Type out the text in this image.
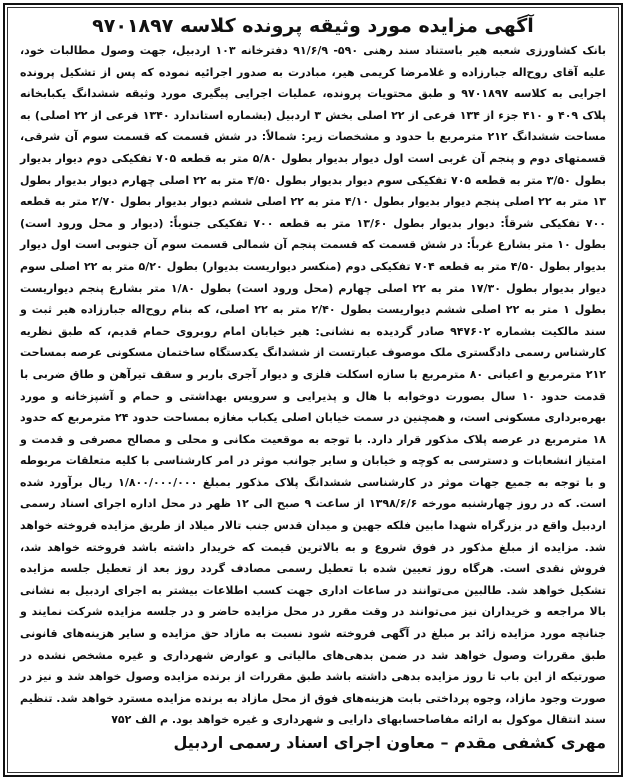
آگهی مزایده مورد وثیقه پرونده کلاسه ۹۷۰۱۸۹۷

بانک کشاورزی شعبه هیر باستناد سند رهنی ۵۹۰- ۹۱/۶/۹ دفترخانه ۱۰۳ اردبیل، جهت وصول مطالبات خود، علیه آقای روح‌اله جبارزاده و غلامرضا کریمی هیر، مبادرت به صدور اجرائیه نموده که پس از تشکیل پرونده اجرایی به کلاسه ۹۷۰۱۸۹۷ و طبق محتویات پرونده، عملیات اجرایی پیگیری مورد وثیقه ششدانگ یکبابخانه پلاک ۴۰۹ و ۴۱۰ جزء از ۱۳۴ فرعی از ۲۲ اصلی بخش ۳ اردبیل (بشماره استاندارد ۱۳۴۰ فرعی از ۲۲ اصلی) به مساحت ششدانگ ۲۱۲ مترمربع با حدود و مشخصات زیر: شمالاً: در شش قسمت که قسمت سوم آن شرقی، قسمتهای دوم و پنجم آن غربی است اول دیوار بدیوار بطول ۵/۸۰ متر به قطعه ۷۰۵ تفکیکی دوم دیوار بدیوار بطول ۳/۵۰ متر به قطعه ۷۰۵ تفکیکی سوم دیوار بدیوار بطول ۴/۵۰ متر به ۲۲ اصلی چهارم دیوار بدیوار بطول ۱۳ متر به ۲۲ اصلی پنجم دیوار بدیوار بطول ۴/۱۰ متر به ۲۲ اصلی ششم دیوار بدیوار بطول ۲/۷۰ متر به قطعه ۷۰۰ تفکیکی شرقاً: دیوار بدیوار بطول ۱۳/۶۰ متر به قطعه ۷۰۰ تفکیکی جنوباً: (دیوار و محل ورود است) بطول ۱۰ متر بشارع غرباً: در شش قسمت که قسمت پنجم آن شمالی قسمت سوم آن جنوبی است اول دیوار بدیوار بطول ۴/۵۰ متر به قطعه ۷۰۴ تفکیکی دوم (منکسر دیواریست بدیوار) بطول ۵/۲۰ متر به ۲۲ اصلی سوم دیوار بدیوار بطول ۱۷/۳۰ متر به ۲۲ اصلی چهارم (محل ورود است) بطول ۱/۸۰ متر بشارع پنجم دیواریست بطول ۱ متر به ۲۲ اصلی ششم دیواریست بطول ۲/۴۰ متر به ۲۲ اصلی، که بنام روح‌اله جبارزاده هیر ثبت و سند مالکیت بشماره ۹۴۷۶۰۲ صادر گردیده به نشانی: هیر خیابان امام روبروی حمام قدیم، که طبق نظریه کارشناس رسمی دادگستری ملک موصوف عبارتست از ششدانگ یکدستگاه ساختمان مسکونی عرصه بمساحت ۲۱۲ مترمربع و اعیانی ۸۰ مترمربع با سازه اسکلت فلزی و دیوار آجری باربر و سقف تیرآهن و طاق ضربی با قدمت حدود ۱۰ سال بصورت دوخوابه با هال و پذیرایی و سرویس بهداشتی و حمام و آشپزخانه و مورد بهره‌برداری مسکونی است، و همچنین در سمت خیابان اصلی یکباب مغازه بمساحت حدود ۲۴ مترمربع که حدود ۱۸ مترمربع در عرصه پلاک مذکور قرار دارد. با توجه به موقعیت مکانی و محلی و مصالح مصرفی و قدمت و امتیاز انشعابات و دسترسی به کوچه و خیابان و سایر جوانب موثر در امر کارشناسی با کلیه متعلقات مربوطه و با توجه به جمیع جهات موثر در کارشناسی ششدانگ پلاک مذکور بمبلغ ۱/۸۰۰/۰۰۰/۰۰۰ ریال برآورد شده است. که در روز چهارشنبه مورخه ۱۳۹۸/۶/۶ از ساعت ۹ صبح الی ۱۲ ظهر در محل اداره اجرای اسناد رسمی اردبیل واقع در بزرگراه شهدا مابین فلکه جهین و میدان قدس جنب تالار میلاد از طریق مزایده فروخته خواهد شد. مزایده از مبلغ مذکور در فوق شروع و به بالاترین قیمت که خریدار داشته باشد فروخته خواهد شد، فروش نقدی است. هرگاه روز تعیین شده با تعطیل رسمی مصادف گردد روز بعد از تعطیل جلسه مزایده تشکیل خواهد شد. طالبین می‌توانند در ساعات اداری جهت کسب اطلاعات بیشتر به اجرای اردبیل به نشانی بالا مراجعه و خریداران نیز می‌توانند در وقت مقرر در محل مزایده حاضر و در جلسه مزایده شرکت نمایند و جنانچه مورد مزایده زائد بر مبلغ در آگهی فروخته شود نسبت به مازاد حق مزایده و سایر هزینه‌های قانونی طبق مقررات وصول خواهد شد در ضمن بدهی‌های مالیاتی و عوارض شهرداری و غیره مشخص نشده در صورتیکه از این باب تا روز مزایده بدهی داشته باشد طبق مقررات از برنده مزایده وصول خواهد شد و نیز در صورت وجود مازاد، وجوه پرداختی بابت هزینه‌های فوق از محل مازاد به برنده مزایده مسترد خواهد شد. تنظیم سند انتقال موکول به ارائه مفاصاحسابهای دارایی و شهرداری و غیره خواهد بود. م الف ۷۵۲

مهری کشفی مقدم – معاون اجرای اسناد رسمی اردبیل
